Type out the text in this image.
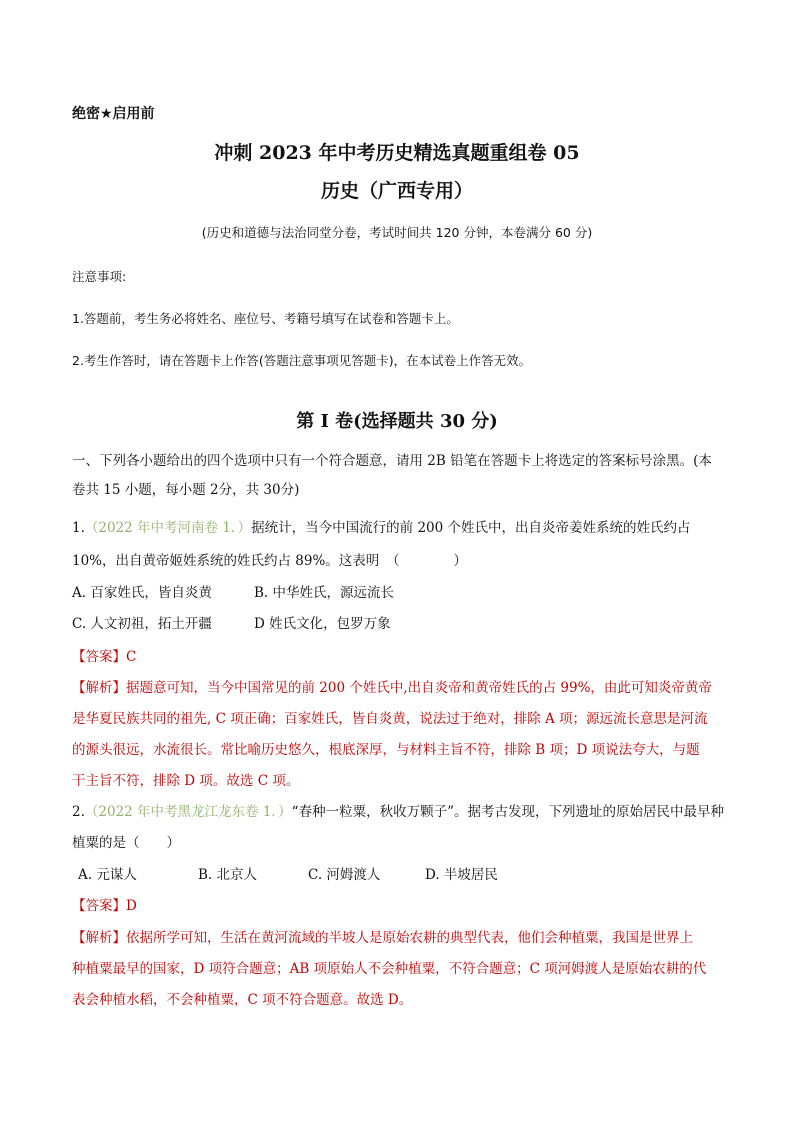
绝密★启用前
冲刺 2023 年中考历史精选真题重组卷 05
历史（广西专用）
(历史和道德与法治同堂分卷，考试时间共 120 分钟，本卷满分 60 分)
注意事项:
1.答题前，考生务必将姓名、座位号、考籍号填写在试卷和答题卡上。
2.考生作答时，请在答题卡上作答(答题注意事项见答题卡)，在本试卷上作答无效。
第 I 卷(选择题共 30 分)
一、下列各小题给出的四个选项中只有一个符合题意，请用 2B 铅笔在答题卡上将选定的答案标号涂黑。(本
卷共 15 小题，每小题 2分，共 30分)
1.（2022 年中考河南卷 1．）据统计，当今中国流行的前 200 个姓氏中，出自炎帝姜姓系统的姓氏约占
10%，出自黄帝姬姓系统的姓氏约占 89%。这表明　（　　　　）
A. 百家姓氏，皆自炎黄	B. 中华姓氏，源远流长
C. 人文初祖，拓土开疆	D 姓氏文化，包罗万象
【答案】C
【解析】据题意可知，当今中国常见的前 200 个姓氏中,出自炎帝和黄帝姓氏的占 99%，由此可知炎帝黄帝
是华夏民族共同的祖先, C 项正确；百家姓氏，皆自炎黄，说法过于绝对，排除 A 项；源远流长意思是河流
的源头很远，水流很长。常比喻历史悠久，根底深厚，与材料主旨不符，排除 B 项；D 项说法夸大，与题
干主旨不符，排除 D 项。故选 C 项。
2.（2022 年中考黑龙江龙东卷 1．）“春种一粒粟，秋收万颗子”。据考古发现，下列遗址的原始居民中最早种
植粟的是（　　）
A. 元谋人	B. 北京人	C. 河姆渡人	D. 半坡居民
【答案】D
【解析】依据所学可知，生活在黄河流域的半坡人是原始农耕的典型代表，他们会种植粟，我国是世界上
种植粟最早的国家，D 项符合题意；AB 项原始人不会种植粟，不符合题意；C 项河姆渡人是原始农耕的代
表会种植水稻，不会种植粟，C 项不符合题意。故选 D。
